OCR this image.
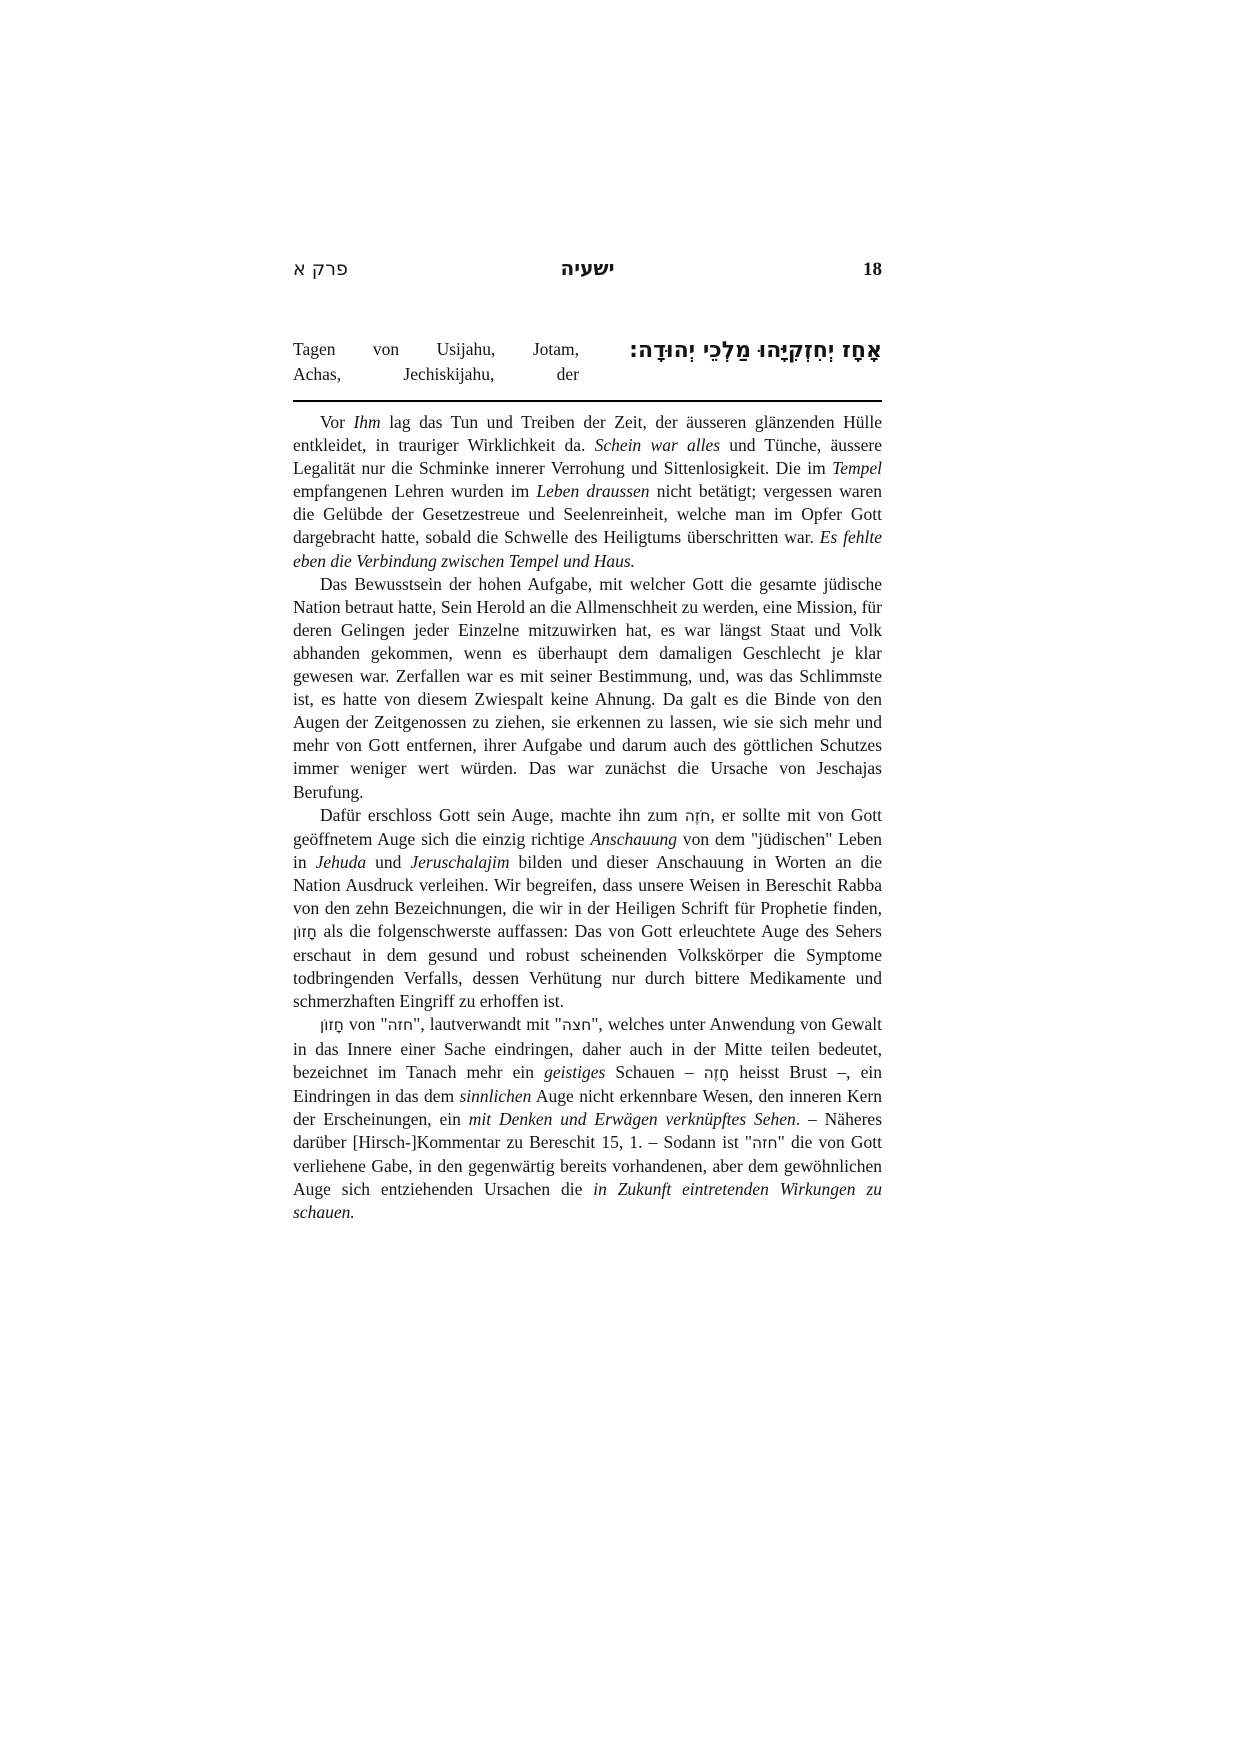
פרק א	ישעיה	18
Tagen von Usijahu, Jotam,
Achas, Jechiskijahu, der
אָחָז יְחִזְקִיָּהוּ מַלְכֵי יְהוּדָה:

Vor Ihm lag das Tun und Treiben der Zeit, der äusseren glänzenden Hülle entkleidet, in trauriger Wirklichkeit da. Schein war alles und Tünche, äussere Legalität nur die Schminke innerer Verrohung und Sittenlosigkeit. Die im Tempel empfangenen Lehren wurden im Leben draussen nicht betätigt; vergessen waren die Gelübde der Gesetzestreue und Seelenreinheit, welche man im Opfer Gott dargebracht hatte, sobald die Schwelle des Heiligtums überschritten war. Es fehlte eben die Verbindung zwischen Tempel und Haus.

Das Bewusstsein der hohen Aufgabe, mit welcher Gott die gesamte jüdische Nation betraut hatte, Sein Herold an die Allmenschheit zu werden, eine Mission, für deren Gelingen jeder Einzelne mitzuwirken hat, es war längst Staat und Volk abhanden gekommen, wenn es überhaupt dem damaligen Geschlecht je klar gewesen war. Zerfallen war es mit seiner Bestimmung, und, was das Schlimmste ist, es hatte von diesem Zwiespalt keine Ahnung. Da galt es die Binde von den Augen der Zeitgenossen zu ziehen, sie erkennen zu lassen, wie sie sich mehr und mehr von Gott entfernen, ihrer Aufgabe und darum auch des göttlichen Schutzes immer weniger wert würden. Das war zunächst die Ursache von Jeschajas Berufung.

Dafür erschloss Gott sein Auge, machte ihn zum חֹזֶה, er sollte mit von Gott geöffnetem Auge sich die einzig richtige Anschauung von dem "jüdischen" Leben in Jehuda und Jeruschalajim bilden und dieser Anschauung in Worten an die Nation Ausdruck verleihen. Wir begreifen, dass unsere Weisen in Bereschit Rabba von den zehn Bezeichnungen, die wir in der Heiligen Schrift für Prophetie finden, חָזוֹן als die folgenschwerste auffassen: Das von Gott erleuchtete Auge des Sehers erschaut in dem gesund und robust scheinenden Volkskörper die Symptome todbringenden Verfalls, dessen Verhütung nur durch bittere Medikamente und schmerzhaften Eingriff zu erhoffen ist.

חָזוֹן von "חזה", lautverwandt mit "חצה", welches unter Anwendung von Gewalt in das Innere einer Sache eindringen, daher auch in der Mitte teilen bedeutet, bezeichnet im Tanach mehr ein geistiges Schauen – חָזֶה heisst Brust –, ein Eindringen in das dem sinnlichen Auge nicht erkennbare Wesen, den inneren Kern der Erscheinungen, ein mit Denken und Erwägen verknüpftes Sehen. – Näheres darüber [Hirsch-]Kommentar zu Bereschit 15, 1. – Sodann ist "חזה" die von Gott verliehene Gabe, in den gegenwärtig bereits vorhandenen, aber dem gewöhnlichen Auge sich entziehenden Ursachen die in Zukunft eintretenden Wirkungen zu schauen.
